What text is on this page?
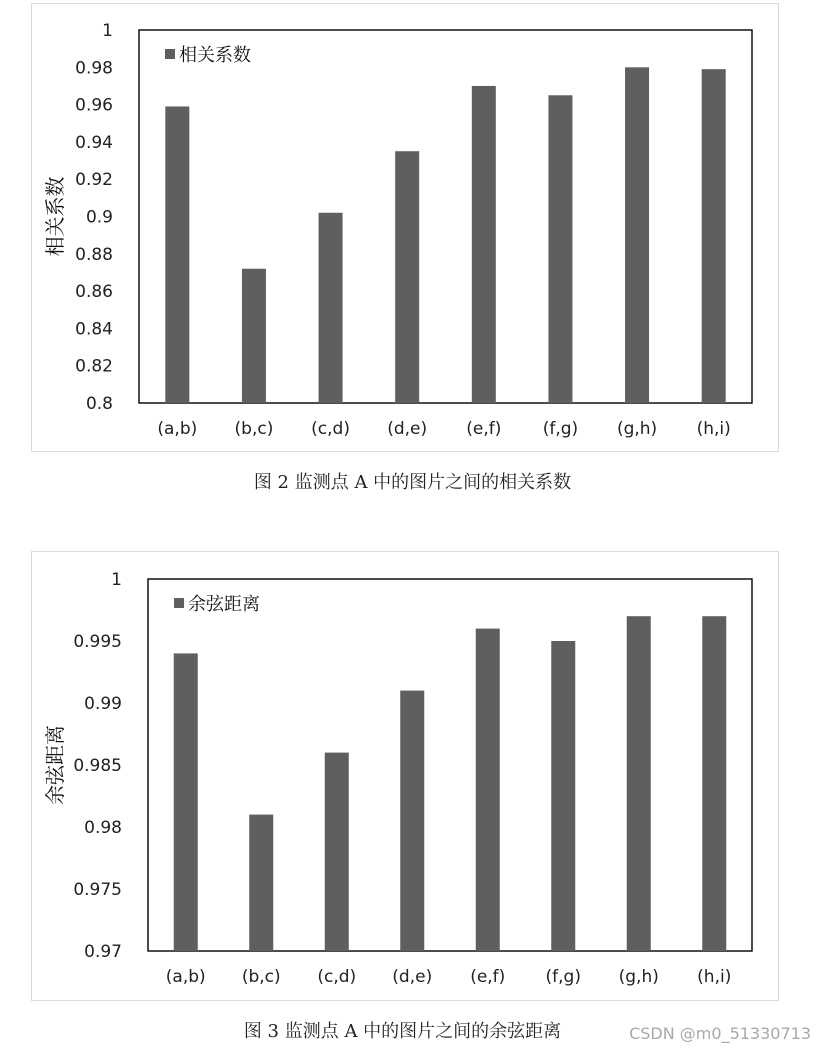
0.8
0.82
0.84
0.86
0.88
0.9
0.92
0.94
0.96
0.98
1
(a,b) (b,c) (c,d) (d,e) (e,f) (f,g) (g,h) (h,i)
相关系数
相关系数
图 2 监测点 A 中的图片之间的相关系数
0.97
0.975
0.98
0.985
0.99
0.995
1
(a,b) (b,c) (c,d) (d,e) (e,f) (f,g) (g,h) (h,i)
余弦距离
余弦距离
图 3 监测点 A 中的图片之间的余弦距离	CSDN @m0_51330713
